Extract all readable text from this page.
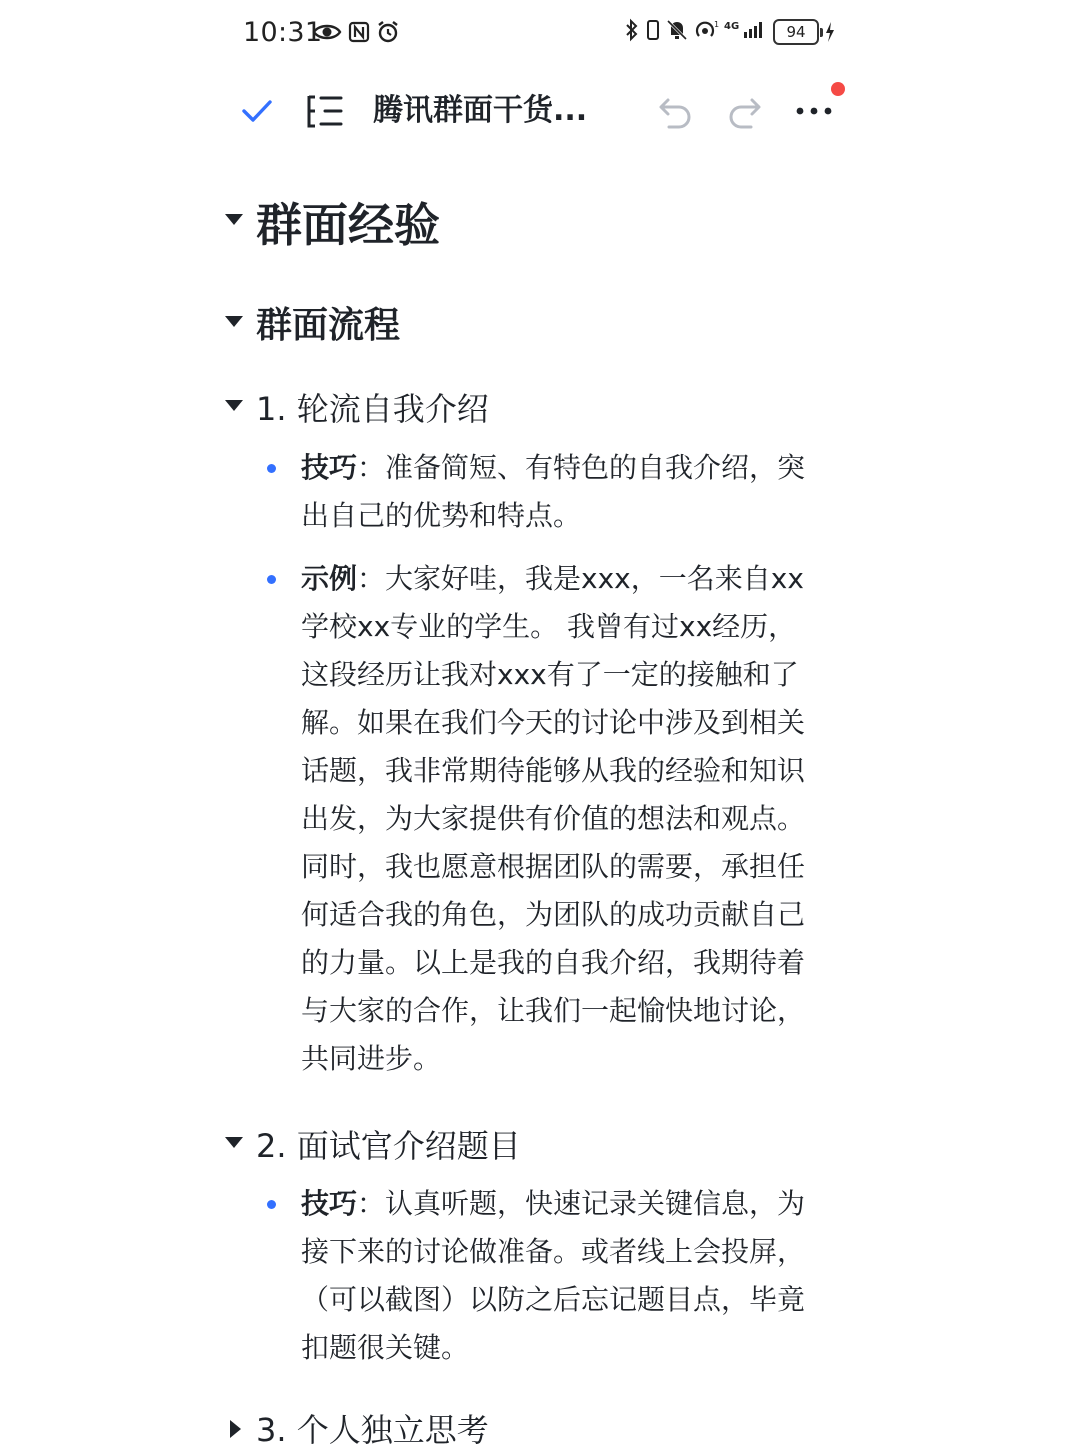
10:31	1 4G	94
腾讯群面干货...
群面经验
群面流程
1. 轮流自我介绍
技巧：准备简短、有特色的自我介绍，突出自己的优势和特点。
示例：大家好哇，我是xxx，一名来自xx学校xx专业的学生。 我曾有过xx经历，这段经历让我对xxx有了一定的接触和了解。如果在我们今天的讨论中涉及到相关话题，我非常期待能够从我的经验和知识出发，为大家提供有价值的想法和观点。同时，我也愿意根据团队的需要，承担任何适合我的角色，为团队的成功贡献自己的力量。以上是我的自我介绍，我期待着与大家的合作，让我们一起愉快地讨论，共同进步。
2. 面试官介绍题目
技巧：认真听题，快速记录关键信息，为接下来的讨论做准备。或者线上会投屏，（可以截图）以防之后忘记题目点，毕竟扣题很关键。
3. 个人独立思考
